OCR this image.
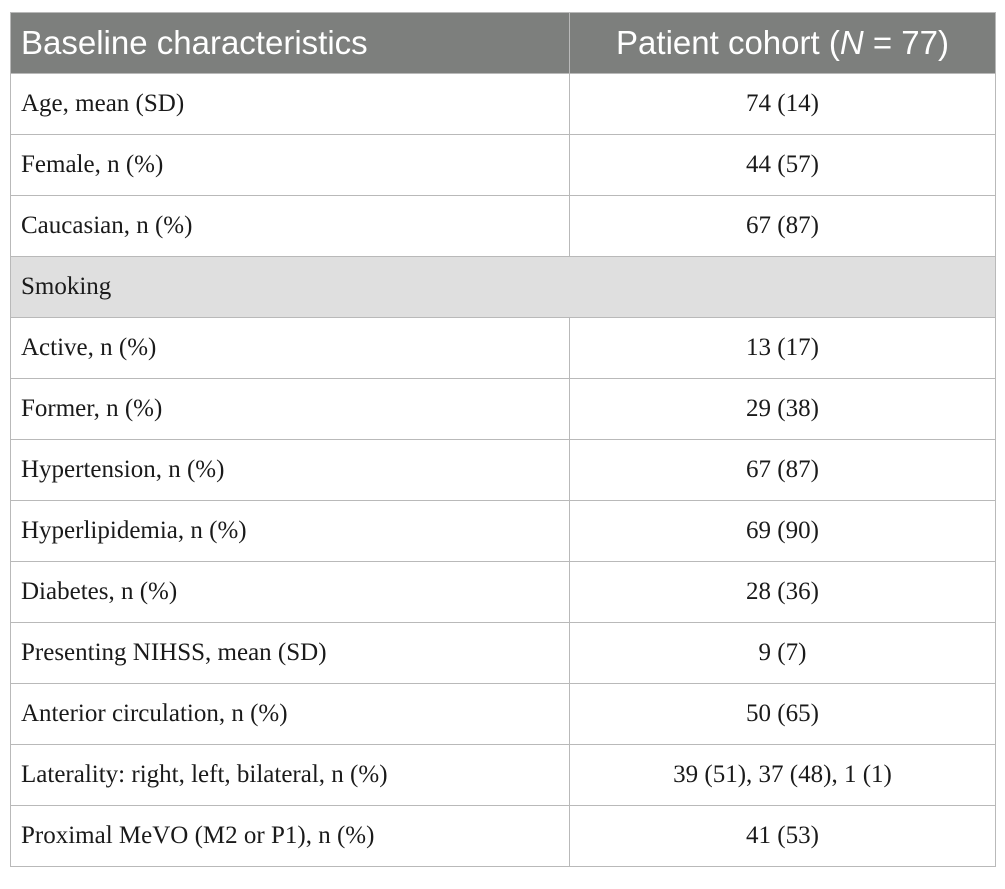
Baseline characteristics	Patient cohort (N = 77)
Age, mean (SD)	74 (14)
Female, n (%)	44 (57)
Caucasian, n (%)	67 (87)
Smoking	
Active, n (%)	13 (17)
Former, n (%)	29 (38)
Hypertension, n (%)	67 (87)
Hyperlipidemia, n (%)	69 (90)
Diabetes, n (%)	28 (36)
Presenting NIHSS, mean (SD)	9 (7)
Anterior circulation, n (%)	50 (65)
Laterality: right, left, bilateral, n (%)	39 (51), 37 (48), 1 (1)
Proximal MeVO (M2 or P1), n (%)	41 (53)
